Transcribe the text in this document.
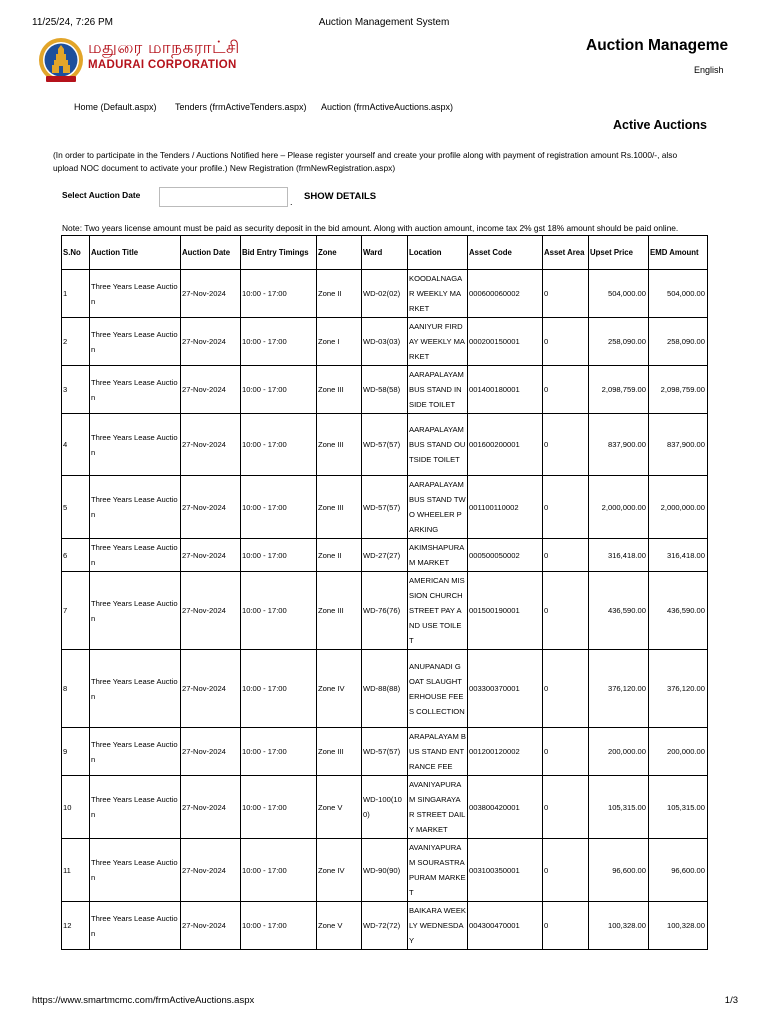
11/25/24, 7:26 PM	Auction Management System
மதுரை மாநகராட்சி
MADURAI CORPORATION
Auction Manageme
English
Home (Default.aspx) Tenders (frmActiveTenders.aspx) Auction (frmActiveAuctions.aspx)
Active Auctions
(In order to participate in the Tenders / Auctions Notified here – Please register yourself and create your profile along with payment of registration amount Rs.1000/-, also upload NOC document to activate your profile.) New Registration (frmNewRegistration.aspx)
Select Auction Date
. SHOW DETAILS
Note: Two years license amount must be paid as security deposit in the bid amount. Along with auction amount, income tax 2% gst 18% amount should be paid online.
S.No	Auction Title	Auction Date	Bid Entry Timings	Zone	Ward	Location	Asset Code	Asset Area	Upset Price	EMD Amount
1	Three Years Lease Auction	27-Nov-2024	10:00 - 17:00	Zone II	WD-02(02)	KOODALNAGAR WEEKLY MARKET	000600060002	0	504,000.00	504,000.00
2	Three Years Lease Auction	27-Nov-2024	10:00 - 17:00	Zone I	WD-03(03)	AANIYUR FIRDAY WEEKLY MARKET	000200150001	0	258,090.00	258,090.00
3	Three Years Lease Auction	27-Nov-2024	10:00 - 17:00	Zone III	WD-58(58)	AARAPALAYAM BUS STAND INSIDE TOILET	001400180001	0	2,098,759.00	2,098,759.00
4	Three Years Lease Auction	27-Nov-2024	10:00 - 17:00	Zone III	WD-57(57)	AARAPALAYAM BUS STAND OUTSIDE TOILET	001600200001	0	837,900.00	837,900.00
5	Three Years Lease Auction	27-Nov-2024	10:00 - 17:00	Zone III	WD-57(57)	AARAPALAYAM BUS STAND TWO WHEELER PARKING	001100110002	0	2,000,000.00	2,000,000.00
6	Three Years Lease Auction	27-Nov-2024	10:00 - 17:00	Zone II	WD-27(27)	AKIMSHAPURAM MARKET	000500050002	0	316,418.00	316,418.00
7	Three Years Lease Auction	27-Nov-2024	10:00 - 17:00	Zone III	WD-76(76)	AMERICAN MISSION CHURCH STREET PAY AND USE TOILET	001500190001	0	436,590.00	436,590.00
8	Three Years Lease Auction	27-Nov-2024	10:00 - 17:00	Zone IV	WD-88(88)	ANUPANADI GOAT SLAUGHTERHOUSE FEES COLLECTION	003300370001	0	376,120.00	376,120.00
9	Three Years Lease Auction	27-Nov-2024	10:00 - 17:00	Zone III	WD-57(57)	ARAPALAYAM BUS STAND ENTRANCE FEE	001200120002	0	200,000.00	200,000.00
10	Three Years Lease Auction	27-Nov-2024	10:00 - 17:00	Zone V	WD-100(100)	AVANIYAPURAM SINGARAYAR STREET DAILY MARKET	003800420001	0	105,315.00	105,315.00
11	Three Years Lease Auction	27-Nov-2024	10:00 - 17:00	Zone IV	WD-90(90)	AVANIYAPURAM SOURASTRAPURAM MARKET	003100350001	0	96,600.00	96,600.00
12	Three Years Lease Auction	27-Nov-2024	10:00 - 17:00	Zone V	WD-72(72)	BAIKARA WEEKLY WEDNESDAY	004300470001	0	100,328.00	100,328.00
https://www.smartmcmc.com/frmActiveAuctions.aspx	1/3
